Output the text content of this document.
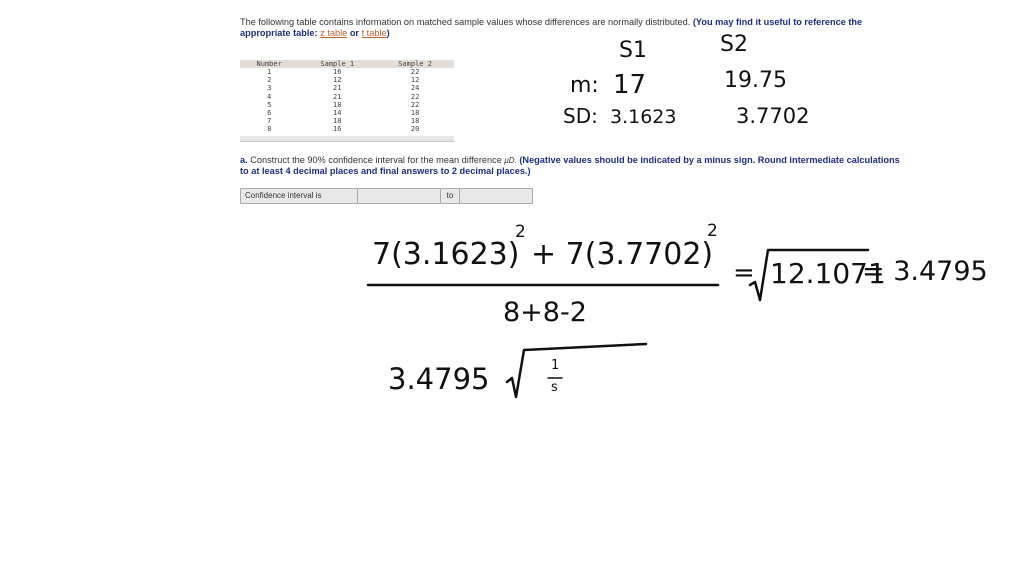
The following table contains information on matched sample values whose differences are normally distributed. (You may find it useful to reference the appropriate table: z table or t table)
Number	Sample 1	Sample 2
1	16	22
2	12	12
3	21	24
4	21	22
5	18	22
6	14	18
7	18	18
8	16	20
a. Construct the 90% confidence interval for the mean difference μD. (Negative values should be indicated by a minus sign. Round intermediate calculations to at least 4 decimal places and final answers to 2 decimal places.)
Confidence interval is	to
S1	S2
m: 17	19.75
SD: 3.1623	3.7702
7(3.1623)
2
+ 7(3.7702)
2
8+8-2
= 12.1071
= 3.4795
3.4795	1
s
